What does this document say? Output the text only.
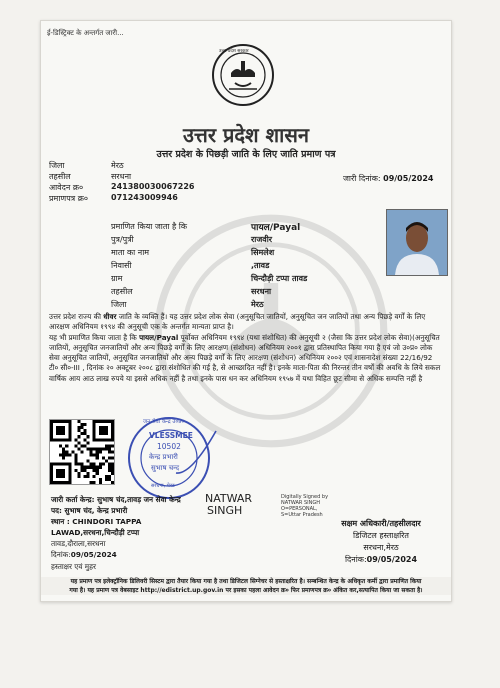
ई-डिस्ट्रिक्ट के अन्तर्गत जारी...
उत्तर प्रदेश सरकार
उत्तर प्रदेश शासन
उत्तर प्रदेश के पिछड़ी जाति के लिए जाति प्रमाण पत्र
जिला	मेरठ
तहसील	सरधना
आवेदन क्र०	241380030067226
प्रमाणपत्र क्र०	071243009946
जारी दिनांक: 09/05/2024
प्रमाणित किया जाता है कि	पायल/Payal
पुत्र/पुत्री	राजवीर
माता का नाम	सिमलेश
निवासी	,तावड
ग्राम	चिन्दौड़ी टप्पा तावड
तहसील	सरधना
जिला	मेरठ
उत्तर प्रदेश राज्य की धीवर जाति के व्यक्ति हैं। यह उत्तर प्रदेश लोक सेवा (अनुसूचित जातियों, अनुसूचित जन जातियों तथा अन्य पिछड़े वर्गों के लिए आरक्षण अधिनियम १९९४ की अनुसूची एक के अन्तर्गत मान्यता प्राप्त है।
यह भी प्रमाणित किया जाता है कि पायल/Payal पूर्वोक्त अधिनियम १९९४ (यथा संशोधित) की अनुसूची २ (जैसा कि उत्तर प्रदेश लोक सेवा)(अनुसूचित जातियों, अनुसूचित जनजातियों और अन्य पिछड़े वर्गों के लिए आरक्षण (संशोधन) अधिनियम २००१ द्वारा प्रतिस्थापित किया गया है एवं जो उ०प्र० लोक सेवा अनुसूचित जातियों, अनुसूचित जनजातियों और अन्य पिछड़े वर्गों के लिए आरक्षण (संशोधन) अधिनियम २००२ एवं शासनादेश संख्या 22/16/92 टी० सी०-III , दिनांक २० अक्टूबर २००८ द्वारा संशोधित की गई है, से आच्छादित नहीं है। इनके माता-पिता की निरन्तर तीन वर्षों की अवधि के लिये सकल वार्षिक आय आठ लाख रुपये या इससे अधिक नहीं है तथा इनके पास धन कर अधिनियम १९५७ में यथा विहित छूट सीमा से अधिक सम्पत्ति नहीं है
जन सेवा केन्द्र उ०प्र०
VLESSMEE
10502
केन्द्र प्रभारी
सुभाष चन्द
सरधना, मेरठ
जारी कर्ता केन्द्र: सुभाष चंद,तावड़ जन सेवा केन्द्र
पद: सुभाष चंद, केन्द्र प्रभारी
स्थान : CHINDORI TAPPA
LAWAD,सरधना,चिन्दौड़ी टप्पा
तावड,दौराला,सरधना
दिनांक:09/05/2024
हस्ताक्षर एवं मुहर
NATWAR
SINGH
Digitally Signed by
NATWAR SINGH
O=PERSONAL,
S=Uttar Pradesh
सक्षम अधिकारी/तहसीलदार
डिजिटल हस्ताक्षरित
सरधना,मेरठ
दिनांक:09/05/2024
यह प्रमाण पत्र इलेक्ट्रॉनिक डिलिवरी सिस्टम द्वारा तैयार किया गया है तथा डिजिटल सिग्नेचर से हस्ताक्षरित है। सम्बन्धित केन्द्र के अधिकृत कर्मी द्वारा प्रमाणित किया
गया है। यह प्रमाण पत्र वेबसाइट http://edistrict.up.gov.in पर इसका पहला आवेदन क्र० फिर प्रमाणपत्र क्र० अंकित कर,सत्यापित किया जा सकता है।
